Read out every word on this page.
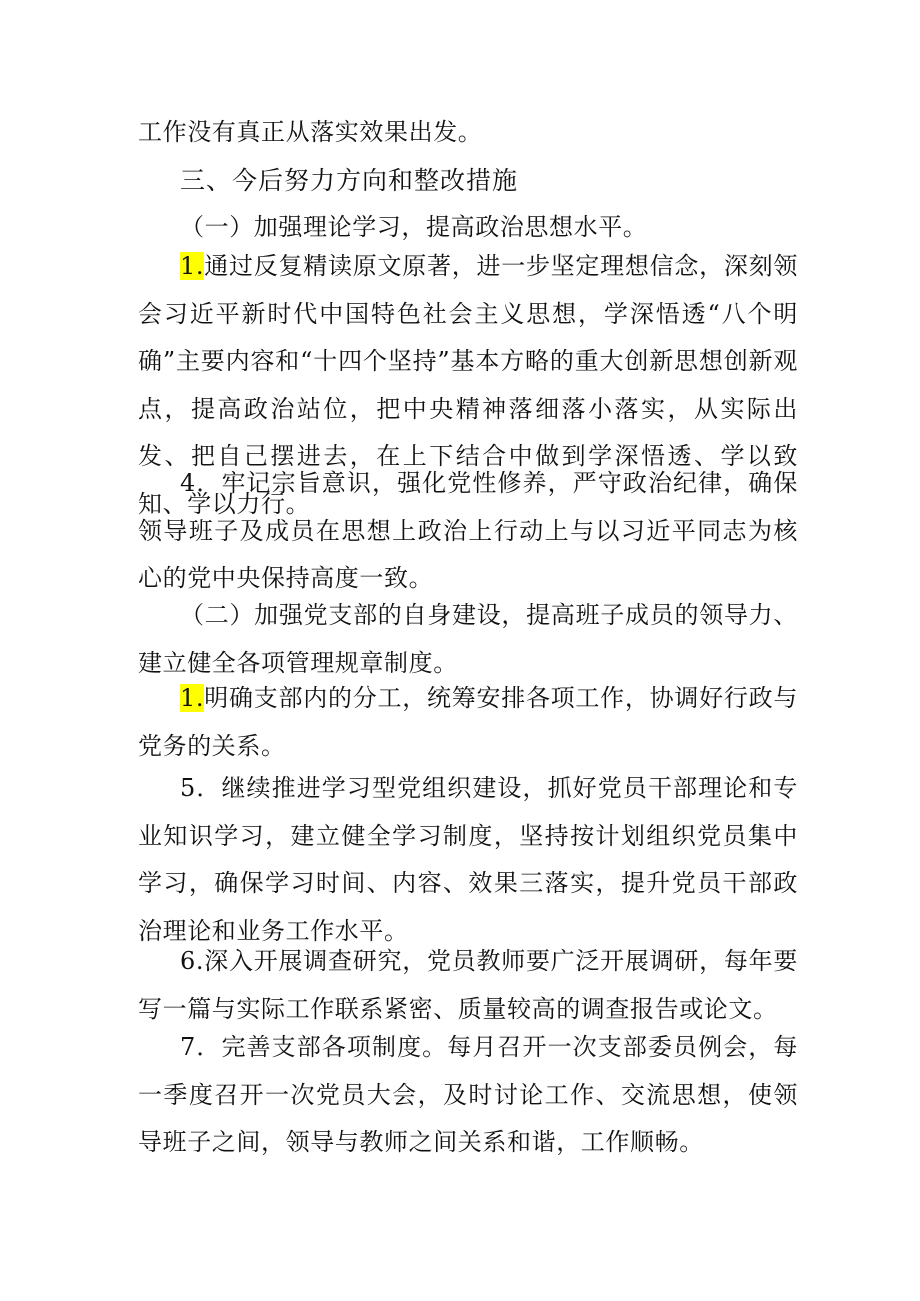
工作没有真正从落实效果出发。

三、今后努力方向和整改措施

（一）加强理论学习，提高政治思想水平。

1.通过反复精读原文原著，进一步坚定理想信念，深刻领会习近平新时代中国特色社会主义思想，学深悟透“八个明确”主要内容和“十四个坚持”基本方略的重大创新思想创新观点，提高政治站位，把中央精神落细落小落实，从实际出发、把自己摆进去，在上下结合中做到学深悟透、学以致知、学以力行。

4．牢记宗旨意识，强化党性修养，严守政治纪律，确保领导班子及成员在思想上政治上行动上与以习近平同志为核心的党中央保持高度一致。

（二）加强党支部的自身建设，提高班子成员的领导力、建立健全各项管理规章制度。

1.明确支部内的分工，统筹安排各项工作，协调好行政与党务的关系。

5．继续推进学习型党组织建设，抓好党员干部理论和专业知识学习，建立健全学习制度，坚持按计划组织党员集中学习，确保学习时间、内容、效果三落实，提升党员干部政治理论和业务工作水平。

6.深入开展调查研究，党员教师要广泛开展调研，每年要写一篇与实际工作联系紧密、质量较高的调查报告或论文。

7．完善支部各项制度。每月召开一次支部委员例会，每一季度召开一次党员大会，及时讨论工作、交流思想，使领导班子之间，领导与教师之间关系和谐，工作顺畅。
